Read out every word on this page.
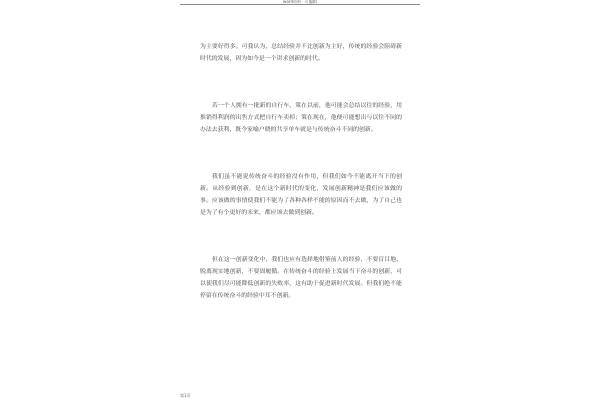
word资料 · 可编辑

为主要好得多。可我认为，总结经验并不比创新为主好，传统的经验会阻碍新时代的发展，因为如今是一个讲求创新的时代。

若一个人拥有一批新的自行车，策在以前，他可能会总结以往的经验，用推销得利润的出售方式把自行车卖掉；策在现在，他便可能想出与以往不同的办法去获利，既今家喻户晓的共享单车就是与传统奋斗不同的创新。

我们虽不能说传统奋斗的经验没有作用，但我们如今不能离开当下的创新。从经验到创新，是在这个新时代的变化，发展创新精神是我们应该做的事。应该做的事情使我们不能为了各种各样不能的原因而不去做，为了自己也是为了有个更好的未来，都应该去做到创新。

但在这一创新变化中，我们也应有选择地借鉴前人的经验，不要盲目地、脱离现实地创新，不要固履循。在传统奋斗的经验上发展当下奋斗的创新，可以使我们尽可能降低创新的失败率，这有助于促进新时代发展。但我们绝不能停留在传统奋斗的经验中耳不创新。

第1页
